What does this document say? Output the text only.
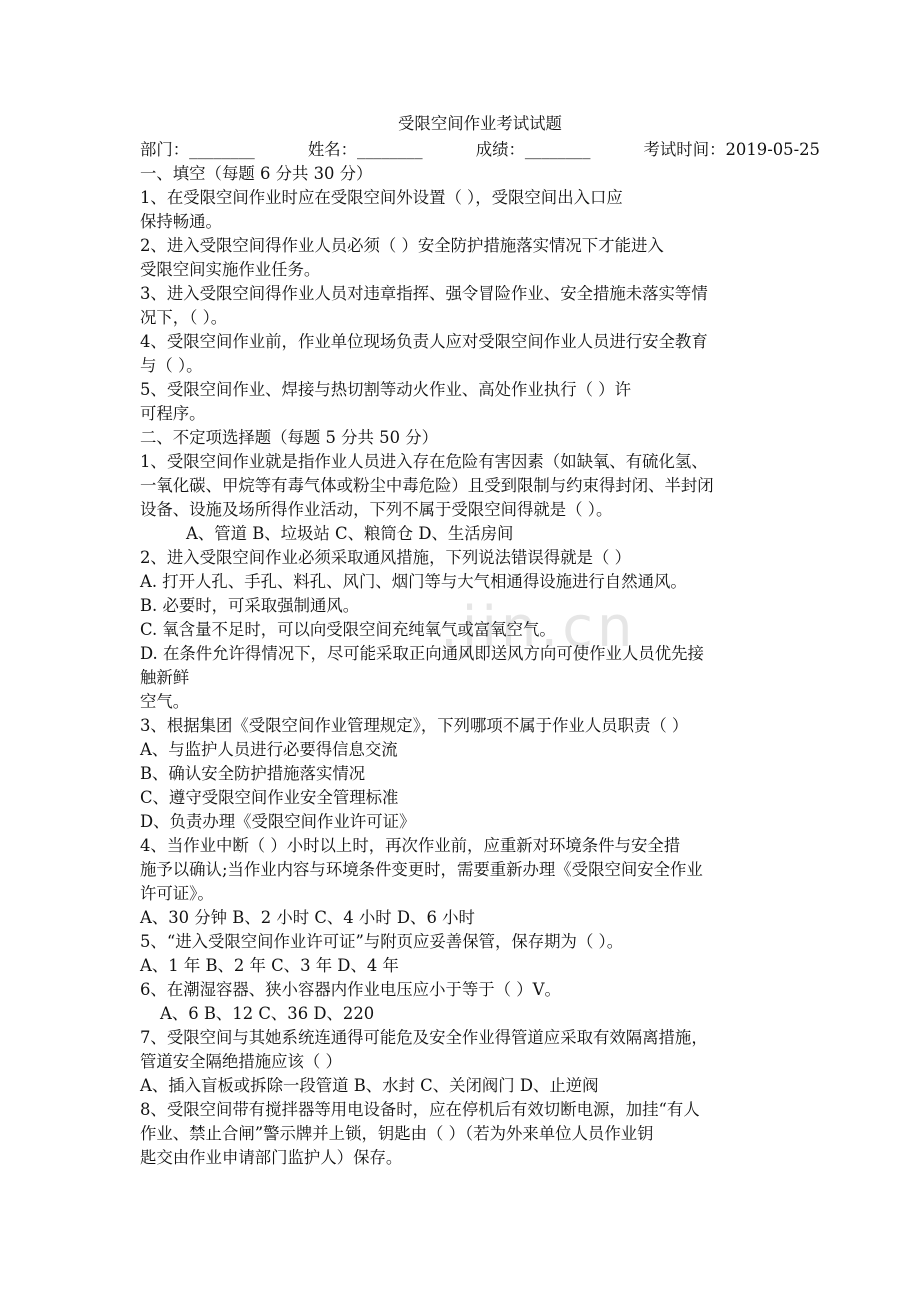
.jin.cn
受限空间作业考试试题
部门：________	姓名：________	成绩：________	考试时间：2019-05-25
一、填空（每题 6 分共 30 分）
1、在受限空间作业时应在受限空间外设置（ ），受限空间出入口应
保持畅通。
2、进入受限空间得作业人员必须（ ）安全防护措施落实情况下才能进入
受限空间实施作业任务。
3、进入受限空间得作业人员对违章指挥、强令冒险作业、安全措施未落实等情
况下，（ ）。
4、受限空间作业前，作业单位现场负责人应对受限空间作业人员进行安全教育
与（ ）。
5、受限空间作业、焊接与热切割等动火作业、高处作业执行（ ）许
可程序。
二、不定项选择题（每题 5 分共 50 分）
1、受限空间作业就是指作业人员进入存在危险有害因素（如缺氧、有硫化氢、
一氧化碳、甲烷等有毒气体或粉尘中毒危险）且受到限制与约束得封闭、半封闭
设备、设施及场所得作业活动，下列不属于受限空间得就是（ ）。
A、管道 B、垃圾站 C、粮筒仓 D、生活房间
2、进入受限空间作业必须采取通风措施，下列说法错误得就是（ ）
A. 打开人孔、手孔、料孔、风门、烟门等与大气相通得设施进行自然通风。
B. 必要时，可采取强制通风。
C. 氧含量不足时，可以向受限空间充纯氧气或富氧空气。
D. 在条件允许得情况下，尽可能采取正向通风即送风方向可使作业人员优先接
触新鲜
空气。
3、根据集团《受限空间作业管理规定》，下列哪项不属于作业人员职责（ ）
A、与监护人员进行必要得信息交流
B、确认安全防护措施落实情况
C、遵守受限空间作业安全管理标准
D、负责办理《受限空间作业许可证》
4、当作业中断（ ）小时以上时，再次作业前，应重新对环境条件与安全措
施予以确认;当作业内容与环境条件变更时，需要重新办理《受限空间安全作业
许可证》。
A、30 分钟 B、2 小时 C、4 小时 D、6 小时
5、“进入受限空间作业许可证”与附页应妥善保管，保存期为（ ）。
A、1 年 B、2 年 C、3 年 D、4 年
6、在潮湿容器、狭小容器内作业电压应小于等于（ ）V。
A、6 B、12 C、36 D、220
7、受限空间与其她系统连通得可能危及安全作业得管道应采取有效隔离措施，
管道安全隔绝措施应该（ ）
A、插入盲板或拆除一段管道 B、水封 C、关闭阀门 D、止逆阀
8、受限空间带有搅拌器等用电设备时，应在停机后有效切断电源，加挂“有人
作业、禁止合闸”警示牌并上锁，钥匙由（ ）（若为外来单位人员作业钥
匙交由作业申请部门监护人）保存。
